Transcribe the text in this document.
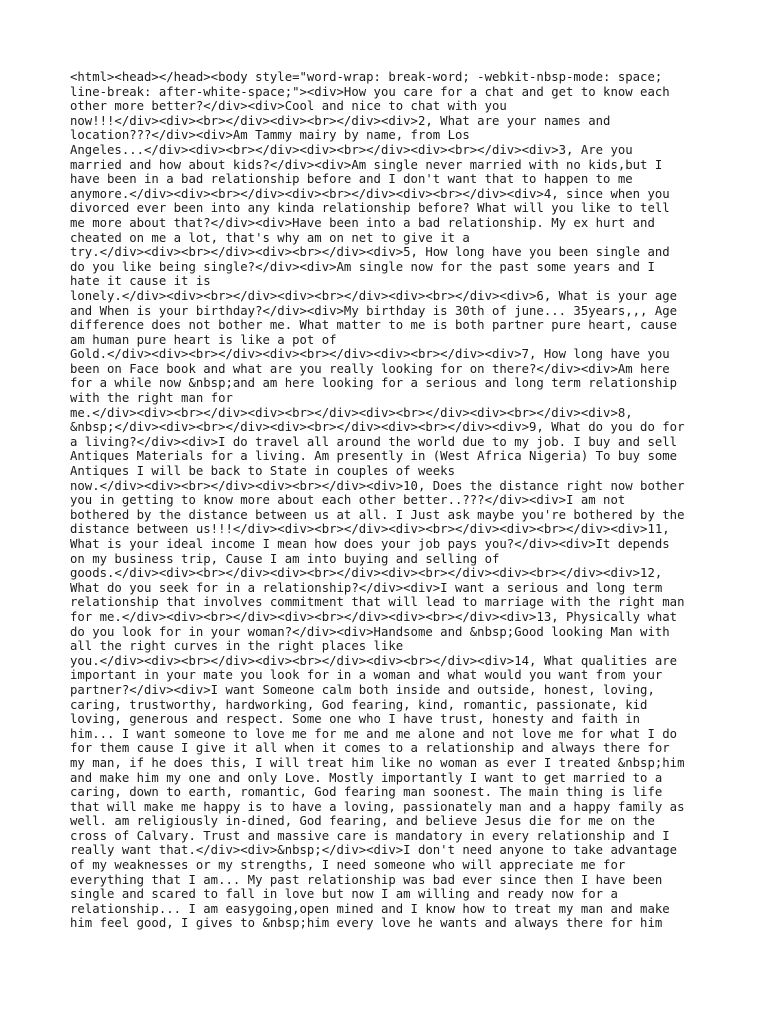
<html><head></head><body style="word-wrap: break-word; -webkit-nbsp-mode: space;
line-break: after-white-space;"><div>How you care for a chat and get to know each
other more better?</div><div>Cool and nice to chat with you
now!!!</div><div><br></div><div><br></div><div>2, What are your names and
location???</div><div>Am Tammy mairy by name, from Los
Angeles...</div><div><br></div><div><br></div><div><br></div><div>3, Are you
married and how about kids?</div><div>Am single never married with no kids,but I
have been in a bad relationship before and I don't want that to happen to me
anymore.</div><div><br></div><div><br></div><div><br></div><div>4, since when you
divorced ever been into any kinda relationship before? What will you like to tell
me more about that?</div><div>Have been into a bad relationship. My ex hurt and
cheated on me a lot, that's why am on net to give it a
try.</div><div><br></div><div><br></div><div>5, How long have you been single and
do you like being single?</div><div>Am single now for the past some years and I
hate it cause it is
lonely.</div><div><br></div><div><br></div><div><br></div><div>6, What is your age
and When is your birthday?</div><div>My birthday is 30th of june... 35years,,, Age
difference does not bother me. What matter to me is both partner pure heart, cause
am human pure heart is like a pot of
Gold.</div><div><br></div><div><br></div><div><br></div><div>7, How long have you
been on Face book and what are you really looking for on there?</div><div>Am here
for a while now &nbsp;and am here looking for a serious and long term relationship
with the right man for
me.</div><div><br></div><div><br></div><div><br></div><div><br></div><div>8,
&nbsp;</div><div><br></div><div><br></div><div><br></div><div>9, What do you do for
a living?</div><div>I do travel all around the world due to my job. I buy and sell
Antiques Materials for a living. Am presently in (West Africa Nigeria) To buy some
Antiques I will be back to State in couples of weeks
now.</div><div><br></div><div><br></div><div>10, Does the distance right now bother
you in getting to know more about each other better..???</div><div>I am not
bothered by the distance between us at all. I Just ask maybe you're bothered by the
distance between us!!!</div><div><br></div><div><br></div><div><br></div><div>11,
What is your ideal income I mean how does your job pays you?</div><div>It depends
on my business trip, Cause I am into buying and selling of
goods.</div><div><br></div><div><br></div><div><br></div><div><br></div><div>12,
What do you seek for in a relationship?</div><div>I want a serious and long term
relationship that involves commitment that will lead to marriage with the right man
for me.</div><div><br></div><div><br></div><div><br></div><div>13, Physically what
do you look for in your woman?</div><div>Handsome and &nbsp;Good looking Man with
all the right curves in the right places like
you.</div><div><br></div><div><br></div><div><br></div><div>14, What qualities are
important in your mate you look for in a woman and what would you want from your
partner?</div><div>I want Someone calm both inside and outside, honest, loving,
caring, trustworthy, hardworking, God fearing, kind, romantic, passionate, kid
loving, generous and respect. Some one who I have trust, honesty and faith in
him... I want someone to love me for me and me alone and not love me for what I do
for them cause I give it all when it comes to a relationship and always there for
my man, if he does this, I will treat him like no woman as ever I treated &nbsp;him
and make him my one and only Love. Mostly importantly I want to get married to a
caring, down to earth, romantic, God fearing man soonest. The main thing is life
that will make me happy is to have a loving, passionately man and a happy family as
well. am religiously in-dined, God fearing, and believe Jesus die for me on the
cross of Calvary. Trust and massive care is mandatory in every relationship and I
really want that.</div><div>&nbsp;</div><div>I don't need anyone to take advantage
of my weaknesses or my strengths, I need someone who will appreciate me for
everything that I am... My past relationship was bad ever since then I have been
single and scared to fall in love but now I am willing and ready now for a
relationship... I am easygoing,open mined and I know how to treat my man and make
him feel good, I gives to &nbsp;him every love he wants and always there for him
